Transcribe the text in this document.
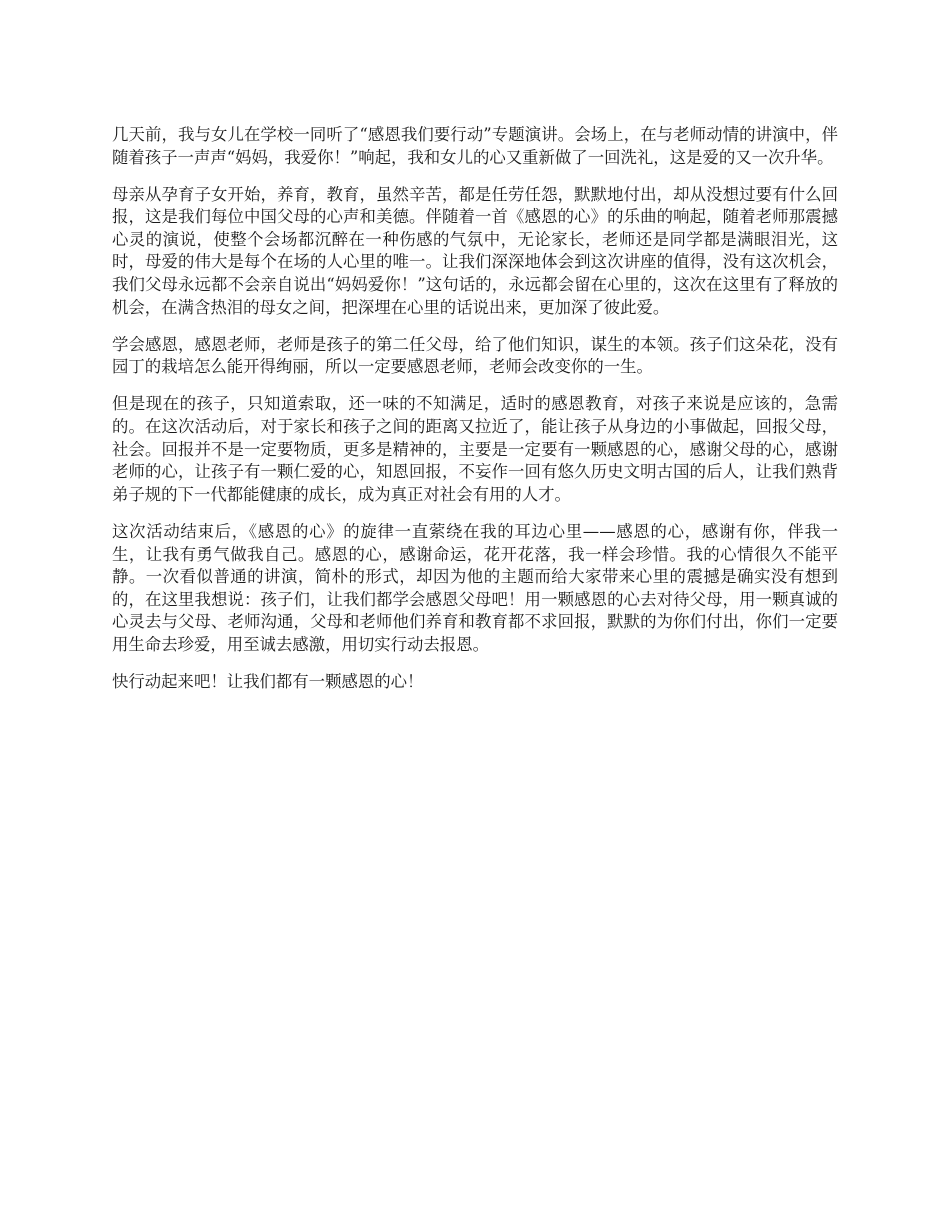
几天前，我与女儿在学校一同听了“感恩我们要行动”专题演讲。会场上，在与老师动情的讲演中，伴随着孩子一声声“妈妈，我爱你！”响起，我和女儿的心又重新做了一回洗礼，这是爱的又一次升华。

母亲从孕育子女开始，养育，教育，虽然辛苦，都是任劳任怨，默默地付出，却从没想过要有什么回报，这是我们每位中国父母的心声和美德。伴随着一首《感恩的心》的乐曲的响起，随着老师那震撼心灵的演说，使整个会场都沉醉在一种伤感的气氛中，无论家长，老师还是同学都是满眼泪光，这时，母爱的伟大是每个在场的人心里的唯一。让我们深深地体会到这次讲座的值得，没有这次机会，我们父母永远都不会亲自说出“妈妈爱你！”这句话的，永远都会留在心里的，这次在这里有了释放的机会，在满含热泪的母女之间，把深埋在心里的话说出来，更加深了彼此爱。

学会感恩，感恩老师，老师是孩子的第二任父母，给了他们知识，谋生的本领。孩子们这朵花，没有园丁的栽培怎么能开得绚丽，所以一定要感恩老师，老师会改变你的一生。

但是现在的孩子，只知道索取，还一味的不知满足，适时的感恩教育，对孩子来说是应该的，急需的。在这次活动后，对于家长和孩子之间的距离又拉近了，能让孩子从身边的小事做起，回报父母，社会。回报并不是一定要物质，更多是精神的，主要是一定要有一颗感恩的心，感谢父母的心，感谢老师的心，让孩子有一颗仁爱的心，知恩回报，不妄作一回有悠久历史文明古国的后人，让我们熟背弟子规的下一代都能健康的成长，成为真正对社会有用的人才。

这次活动结束后，《感恩的心》的旋律一直萦绕在我的耳边心里——感恩的心，感谢有你，伴我一生，让我有勇气做我自己。感恩的心，感谢命运，花开花落，我一样会珍惜。我的心情很久不能平静。一次看似普通的讲演，简朴的形式，却因为他的主题而给大家带来心里的震撼是确实没有想到的，在这里我想说：孩子们，让我们都学会感恩父母吧！用一颗感恩的心去对待父母，用一颗真诚的心灵去与父母、老师沟通，父母和老师他们养育和教育都不求回报，默默的为你们付出，你们一定要用生命去珍爱，用至诚去感激，用切实行动去报恩。

快行动起来吧！让我们都有一颗感恩的心！
